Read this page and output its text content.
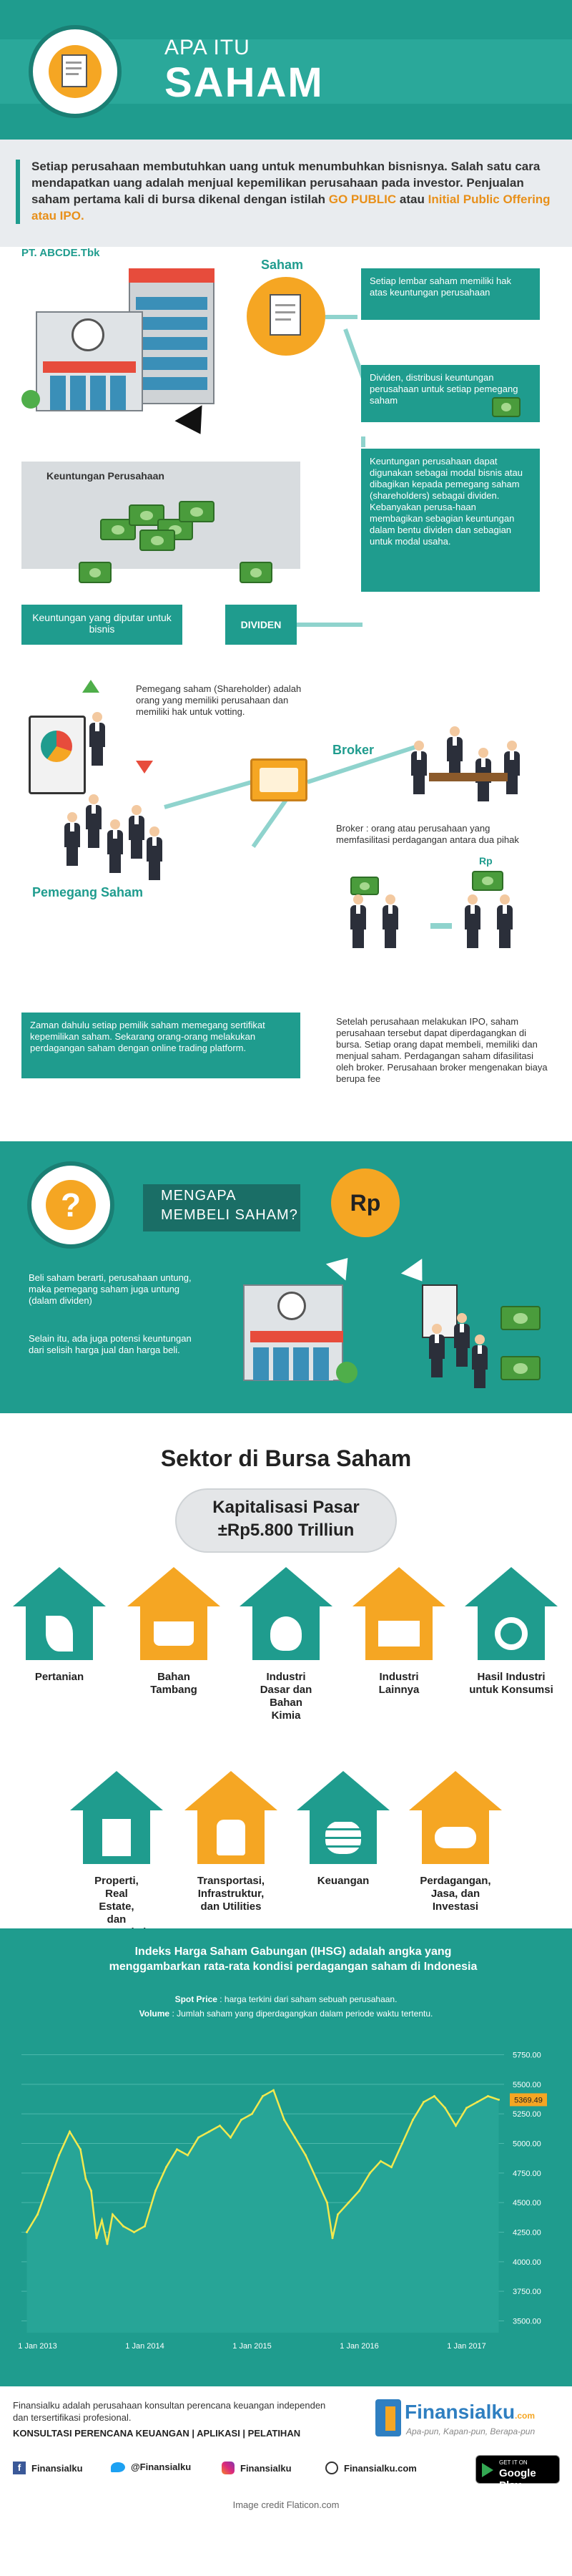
APA ITU
SAHAM

Setiap perusahaan membutuhkan uang untuk menumbuhkan bisnisnya. Salah satu cara mendapatkan uang adalah menjual kepemilikan perusahaan pada investor. Penjualan saham pertama kali di bursa dikenal dengan istilah GO PUBLIC atau Initial Public Offering atau IPO.

PT. ABCDE.Tbk
Saham
Setiap lembar saham memiliki hak atas keuntungan perusahaan
Dividen, distribusi keuntungan perusahaan untuk setiap pemegang saham
Keuntungan perusahaan dapat digunakan sebagai modal bisnis atau dibagikan kepada pemegang saham (shareholders) sebagai dividen. Kebanyakan perusa-haan membagikan sebagian keuntungan dalam bentu dividen dan sebagian untuk modal usaha.
Keuntungan Perusahaan
Keuntungan yang diputar untuk bisnis	DIVIDEN
Pemegang saham (Shareholder) adalah orang yang memiliki perusahaan dan memiliki hak untuk votting.
Pemegang Saham
Broker
Broker : orang atau perusahaan yang memfasilitasi perdagangan antara dua pihak
Rp
Zaman dahulu setiap pemilik saham memegang sertifikat kepemilikan saham. Sekarang orang-orang melakukan perdagangan saham dengan online trading platform.
Setelah perusahaan melakukan IPO, saham perusahaan tersebut dapat diperdagangkan di bursa. Setiap orang dapat membeli, memiliki dan menjual saham. Perdagangan saham difasilitasi oleh broker. Perusahaan broker mengenakan biaya berupa fee
?	MENGAPA
MEMBELI SAHAM?	Rp
Beli saham berarti, perusahaan untung, maka pemegang saham juga untung (dalam dividen)
Selain itu, ada juga potensi keuntungan dari selisih harga jual dan harga beli.
Sektor di Bursa Saham
Kapitalisasi Pasar
±Rp5.800 Trilliun
Pertanian	Bahan Tambang
Industri Dasar dan Bahan Kimia
Industri Lainnya
Hasil Industri untuk Konsumsi
Properti, Real Estate, dan
Transportasi, Infrastruktur, dan Utilities
Keuangan	Perdagangan, Jasa, dan Investasi
Indeks Harga Saham Gabungan (IHSG) adalah angka yang menggambarkan rata-rata kondisi perdagangan saham di Indonesia
Spot Price : harga terkini dari saham sebuah perusahaan.
Volume : Jumlah saham yang diperdagangkan dalam periode waktu tertentu.
3500.00
3750.00
4000.00
4250.00
4500.00
4750.00
5000.00
5250.00
5500.00
5750.00
1 Jan 2013	1 Jan 2014	1 Jan 2015	1 Jan 2016	1 Jan 2017
5369.49
Finansialku adalah perusahaan konsultan perencana keuangan independen dan tersertifikasi profesional.
KONSULTASI PERENCANA KEUANGAN | APLIKASI | PELATIHAN
Finansialku.com
Apa-pun, Kapan-pun, Berapa-pun
f	Finansialku	@Finansialku	Finansialku	Finansialku.com	GET IT ON
Google Play
Image credit Flaticon.com
